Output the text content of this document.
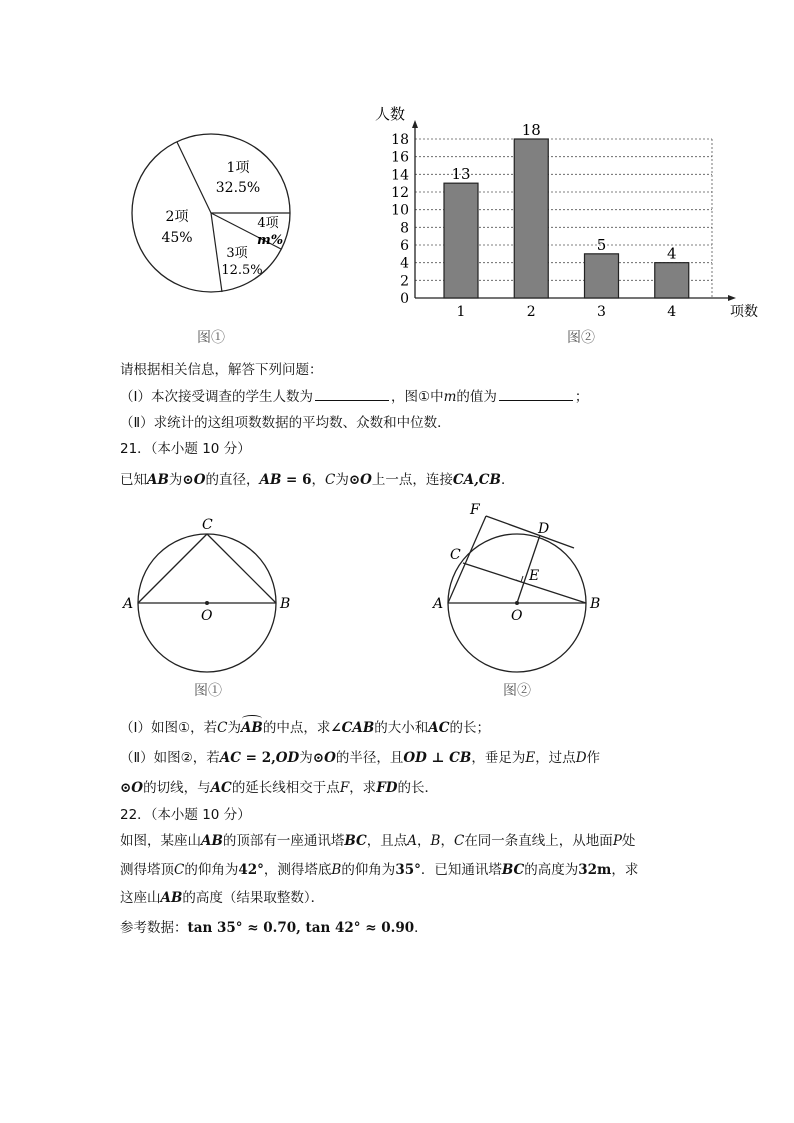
1项
32.5%
2项
45%
3项
12.5%
4项
m%
图①
0
2
4
6
8
10
12
14
16
18
13
18
5	4
1	2	3	4
人数
项数
图②
请根据相关信息，解答下列问题：
（Ⅰ）本次接受调查的学生人数为	，图①中m的值为	；
（Ⅱ）求统计的这组项数数据的平均数、众数和中位数．
21．（本小题 10 分）
已知AB为⊙O的直径，AB = 6，C为⊙O上一点，连接CA,CB．
A	B
C
O
图①
A	B
C
D
E
F
O
图②
（Ⅰ）如图①，若C为AB的中点，求∠CAB的大小和AC的长；
（Ⅱ）如图②，若AC = 2,OD为⊙O的半径，且OD ⊥ CB，垂足为E，过点D作
⊙O的切线，与AC的延长线相交于点F，求FD的长．
22．（本小题 10 分）
如图，某座山AB的顶部有一座通讯塔BC，且点A，B，C在同一条直线上，从地面P处
测得塔顶C的仰角为42°，测得塔底B的仰角为35°．已知通讯塔BC的高度为32m，求
这座山AB的高度（结果取整数）．
参考数据：tan 35° ≈ 0.70, tan 42° ≈ 0.90．
